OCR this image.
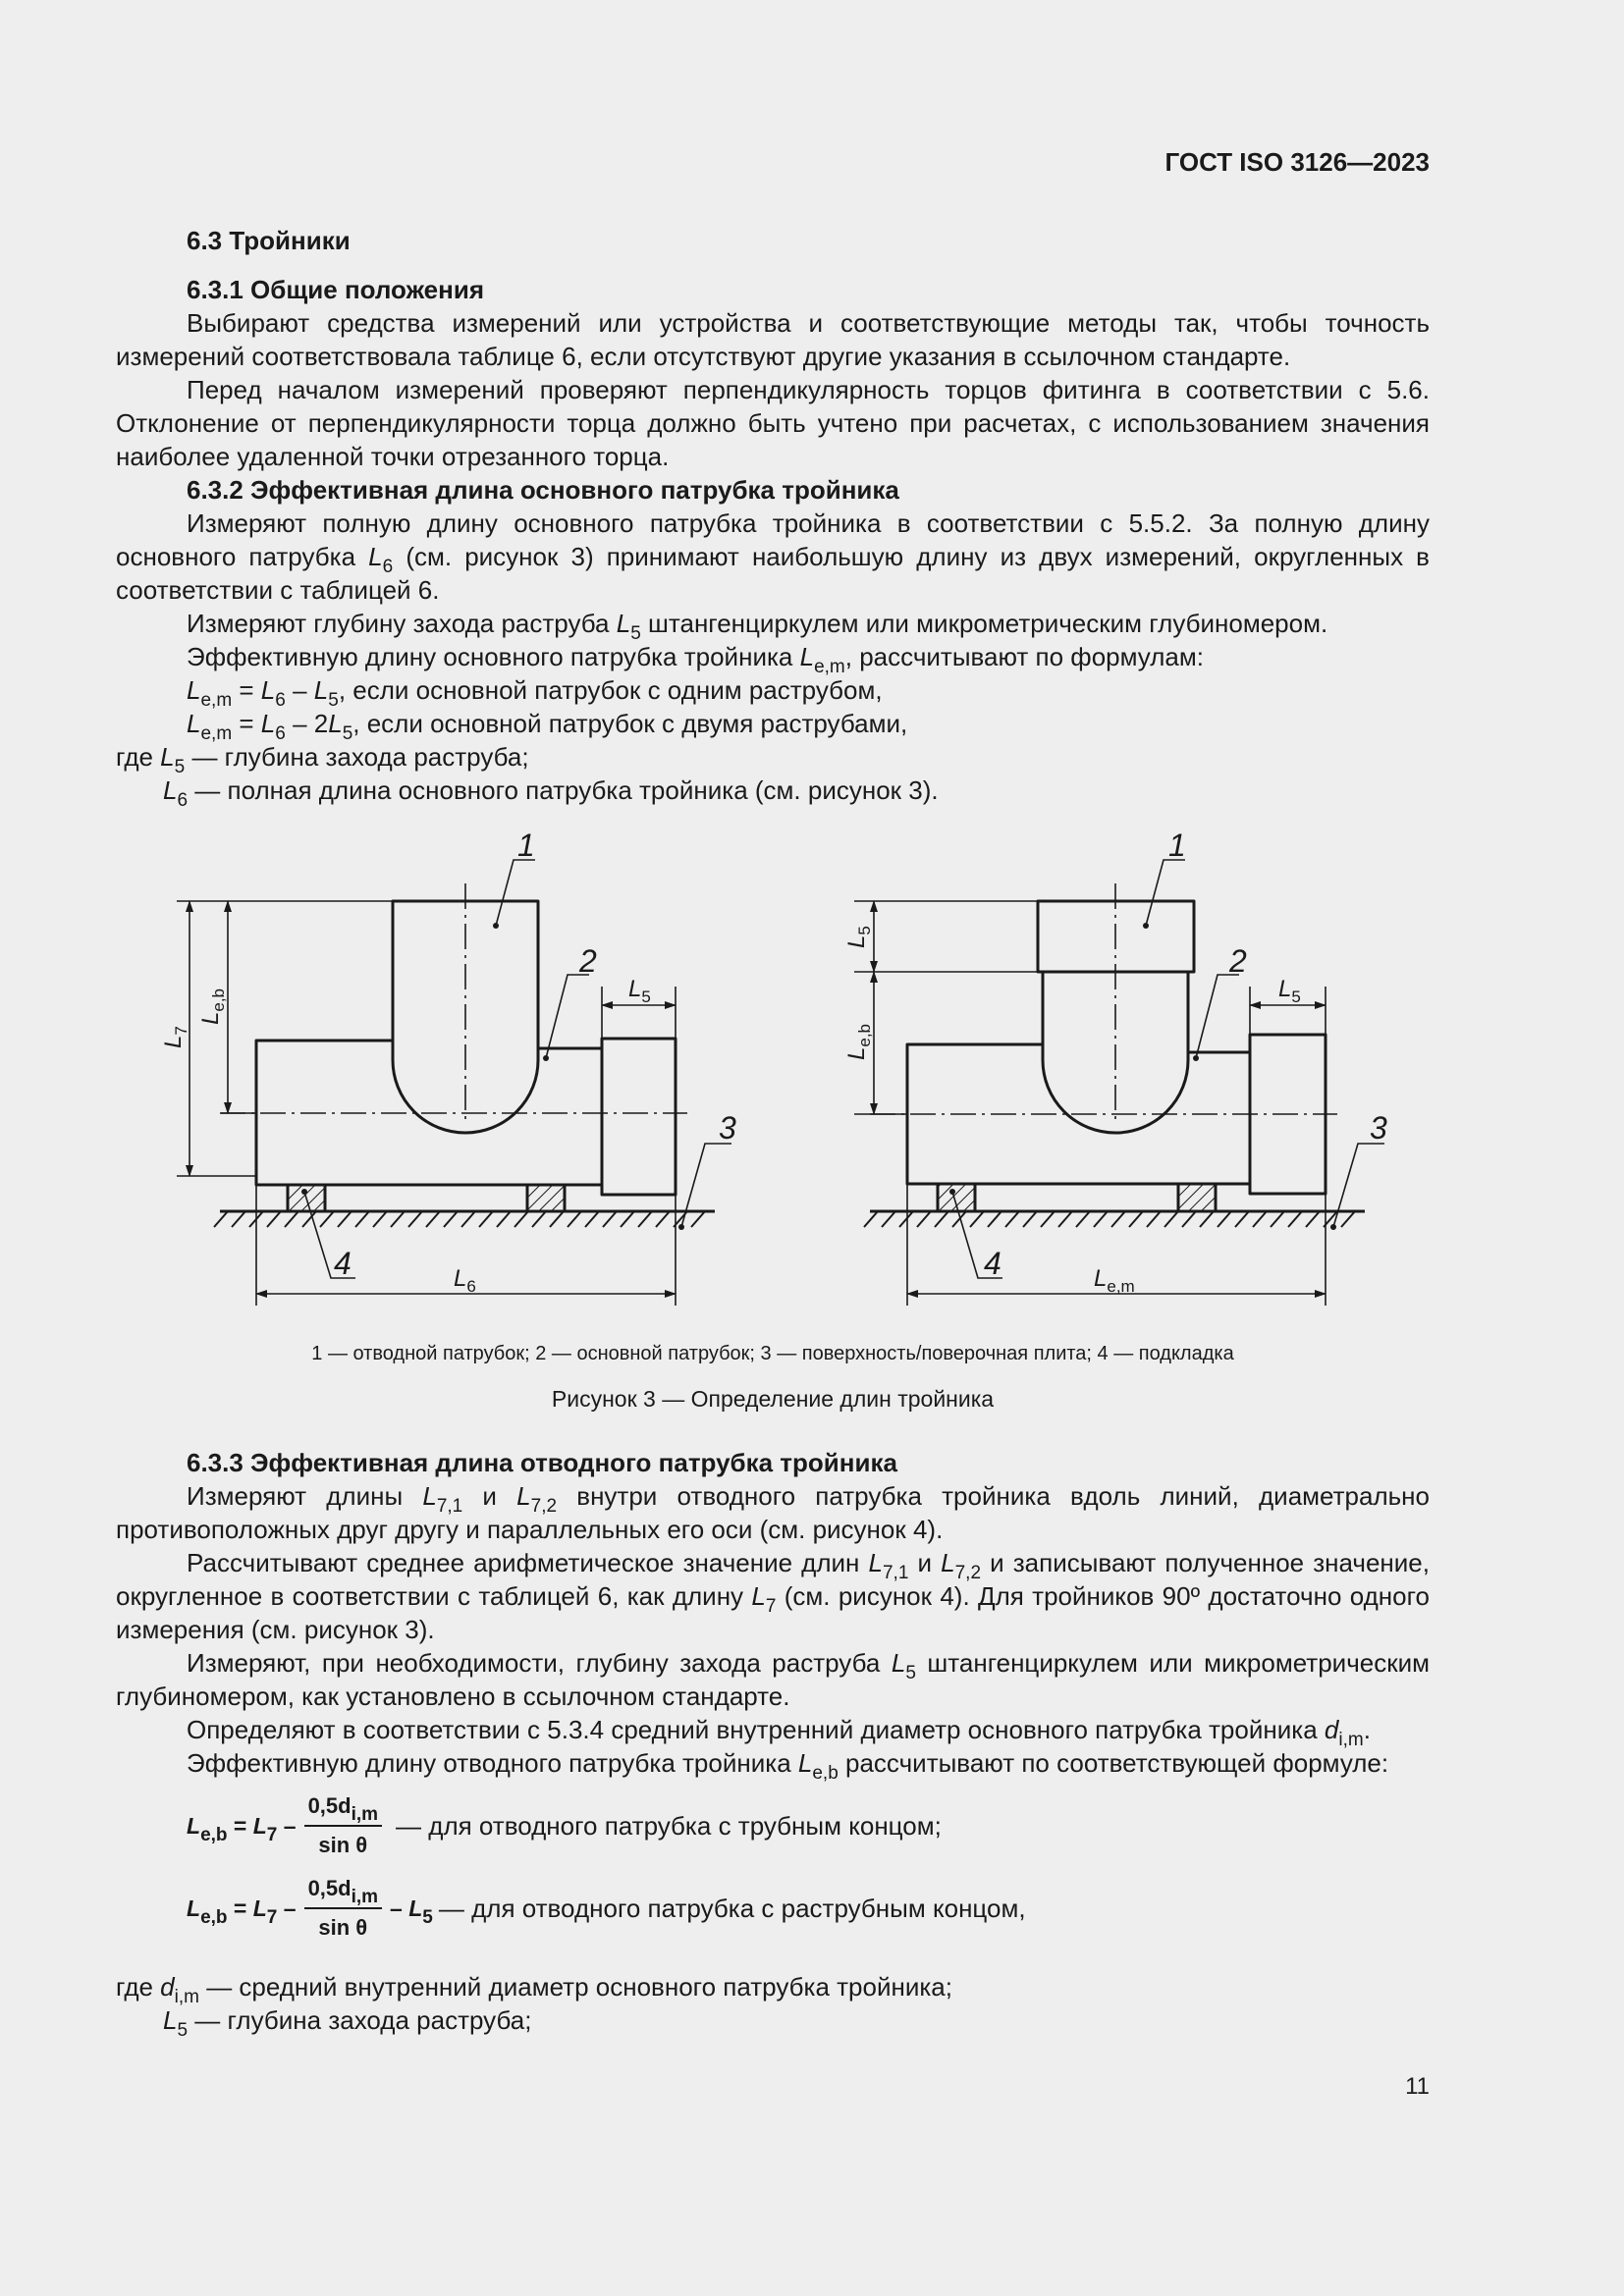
ГОСТ ISO 3126—2023

6.3 Тройники

6.3.1 Общие положения

Выбирают средства измерений или устройства и соответствующие методы так, чтобы точность измерений соответствовала таблице 6, если отсутствуют другие указания в ссылочном стандарте.

Перед началом измерений проверяют перпендикулярность торцов фитинга в соответствии с 5.6. Отклонение от перпендикулярности торца должно быть учтено при расчетах, с использованием значения наиболее удаленной точки отрезанного торца.

6.3.2 Эффективная длина основного патрубка тройника

Измеряют полную длину основного патрубка тройника в соответствии с 5.5.2. За полную длину основного патрубка $L_6$ (см. рисунок 3) принимают наибольшую длину из двух измерений, округленных в соответствии с таблицей 6.

Измеряют глубину захода раструба $L_5$ штангенциркулем или микрометрическим глубиномером.

Эффективную длину основного патрубка тройника $L_{e,m}$, рассчитывают по формулам:

$L_{e,m} = L_6 - L_5$, если основной патрубок с одним раструбом,

$L_{e,m} = L_6 - 2L_5$, если основной патрубок с двумя раструбами,

где $L_5$ — глубина захода раструба;

$L_6$ — полная длина основного патрубка тройника (см. рисунок 3).

1
2
3
4
1
2
3
4
$L_7$
$L_{e,b}$	$L_5$
$L_6$
$L_5$
$L_{e,b}$
$L_5$
$L_{e,m}$
1 — отводной патрубок; 2 — основной патрубок; 3 — поверхность/поверочная плита; 4 — подкладка
Рисунок 3 — Определение длин тройника

6.3.3 Эффективная длина отводного патрубка тройника

Измеряют длины $L_{7,1}$ и $L_{7,2}$ внутри отводного патрубка тройника вдоль линий, диаметрально противоположных друг другу и параллельных его оси (см. рисунок 4).

Рассчитывают среднее арифметическое значение длин $L_{7,1}$ и $L_{7,2}$ и записывают полученное значение, округленное в соответствии с таблицей 6, как длину $L_7$ (см. рисунок 4). Для тройников 90º достаточно одного измерения (см. рисунок 3).

Измеряют, при необходимости, глубину захода раструба $L_5$ штангенциркулем или микрометрическим глубиномером, как установлено в ссылочном стандарте.

Определяют в соответствии с 5.3.4 средний внутренний диаметр основного патрубка тройника $d_{i,m}$.

Эффективную длину отводного патрубка тройника $L_{e,b}$ рассчитывают по соответствующей формуле:

$L_{e,b} = L_7 - \frac{0,5d_{i,m}}{\text{sin θ}}$ — для отводного патрубка с трубным концом;
$L_{e,b} = L_7 - \frac{0,5d_{i,m}}{\text{sin θ}} - L_5$ — для отводного патрубка с раструбным концом,

где $d_{i,m}$ — средний внутренний диаметр основного патрубка тройника;

$L_5$ — глубина захода раструба;

11
